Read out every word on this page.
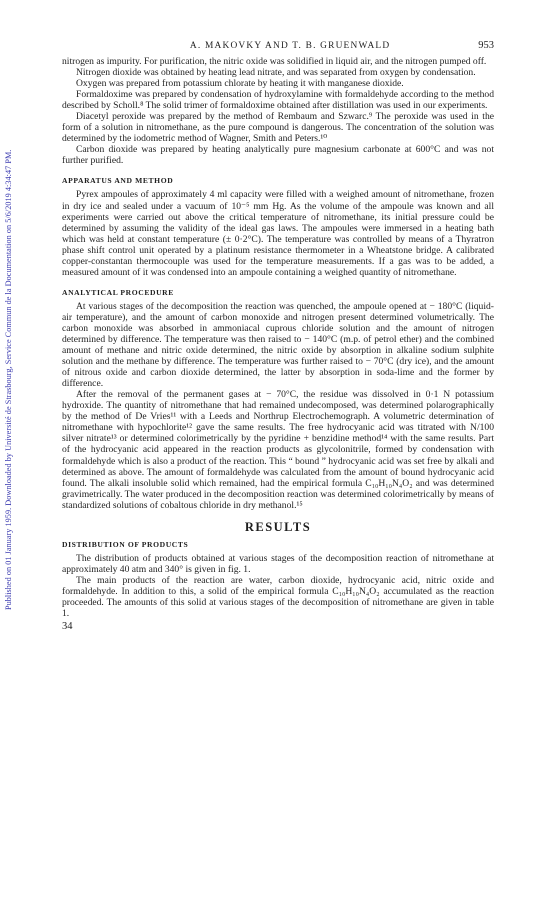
Published on 01 January 1959. Downloaded by Université de Strasbourg, Service Commun de la Documentation on 5/6/2019 4:34:47 PM.
A. MAKOVKY AND T. B. GRUENWALD	953

nitrogen as impurity. For purification, the nitric oxide was solidified in liquid air, and the nitrogen pumped off.

Nitrogen dioxide was obtained by heating lead nitrate, and was separated from oxygen by condensation.

Oxygen was prepared from potassium chlorate by heating it with manganese dioxide.

Formaldoxime was prepared by condensation of hydroxylamine with formaldehyde according to the method described by Scholl.⁸ The solid trimer of formaldoxime obtained after distillation was used in our experiments.

Diacetyl peroxide was prepared by the method of Rembaum and Szwarc.⁹ The peroxide was used in the form of a solution in nitromethane, as the pure compound is dangerous. The concentration of the solution was determined by the iodometric method of Wagner, Smith and Peters.¹⁰

Carbon dioxide was prepared by heating analytically pure magnesium carbonate at 600°C and was not further purified.

APPARATUS AND METHOD

Pyrex ampoules of approximately 4 ml capacity were filled with a weighed amount of nitromethane, frozen in dry ice and sealed under a vacuum of 10⁻⁵ mm Hg. As the volume of the ampoule was known and all experiments were carried out above the critical temperature of nitromethane, its initial pressure could be determined by assuming the validity of the ideal gas laws. The ampoules were immersed in a heating bath which was held at constant temperature (± 0·2°C). The temperature was controlled by means of a Thyratron phase shift control unit operated by a platinum resistance thermometer in a Wheatstone bridge. A calibrated copper-constantan thermocouple was used for the temperature measurements. If a gas was to be added, a measured amount of it was condensed into an ampoule containing a weighed quantity of nitromethane.

ANALYTICAL PROCEDURE

At various stages of the decomposition the reaction was quenched, the ampoule opened at − 180°C (liquid-air temperature), and the amount of carbon monoxide and nitrogen present determined volumetrically. The carbon monoxide was absorbed in ammoniacal cuprous chloride solution and the amount of nitrogen determined by difference. The temperature was then raised to − 140°C (m.p. of petrol ether) and the combined amount of methane and nitric oxide determined, the nitric oxide by absorption in alkaline sodium sulphite solution and the methane by difference. The temperature was further raised to − 70°C (dry ice), and the amount of nitrous oxide and carbon dioxide determined, the latter by absorption in soda-lime and the former by difference.

After the removal of the permanent gases at − 70°C, the residue was dissolved in 0·1 N potassium hydroxide. The quantity of nitromethane that had remained undecomposed, was determined polarographically by the method of De Vries¹¹ with a Leeds and Northrup Electrochemograph. A volumetric determination of nitromethane with hypochlorite¹² gave the same results. The free hydrocyanic acid was titrated with N/100 silver nitrate¹³ or determined colorimetrically by the pyridine + benzidine method¹⁴ with the same results. Part of the hydrocyanic acid appeared in the reaction products as glycolonitrile, formed by condensation with formaldehyde which is also a product of the reaction. This “ bound ” hydrocyanic acid was set free by alkali and determined as above. The amount of formaldehyde was calculated from the amount of bound hydrocyanic acid found. The alkali insoluble solid which remained, had the empirical formula C₁₀H₁₀N₄O₂ and was determined gravimetrically. The water produced in the decomposition reaction was determined colorimetrically by means of standardized solutions of cobaltous chloride in dry methanol.¹⁵

RESULTS
DISTRIBUTION OF PRODUCTS

The distribution of products obtained at various stages of the decomposition reaction of nitromethane at approximately 40 atm and 340° is given in fig. 1.

The main products of the reaction are water, carbon dioxide, hydrocyanic acid, nitric oxide and formaldehyde. In addition to this, a solid of the empirical formula C₁₀H₁₀N₄O₂ accumulated as the reaction proceeded. The amounts of this solid at various stages of the decomposition of nitromethane are given in table 1.

34
